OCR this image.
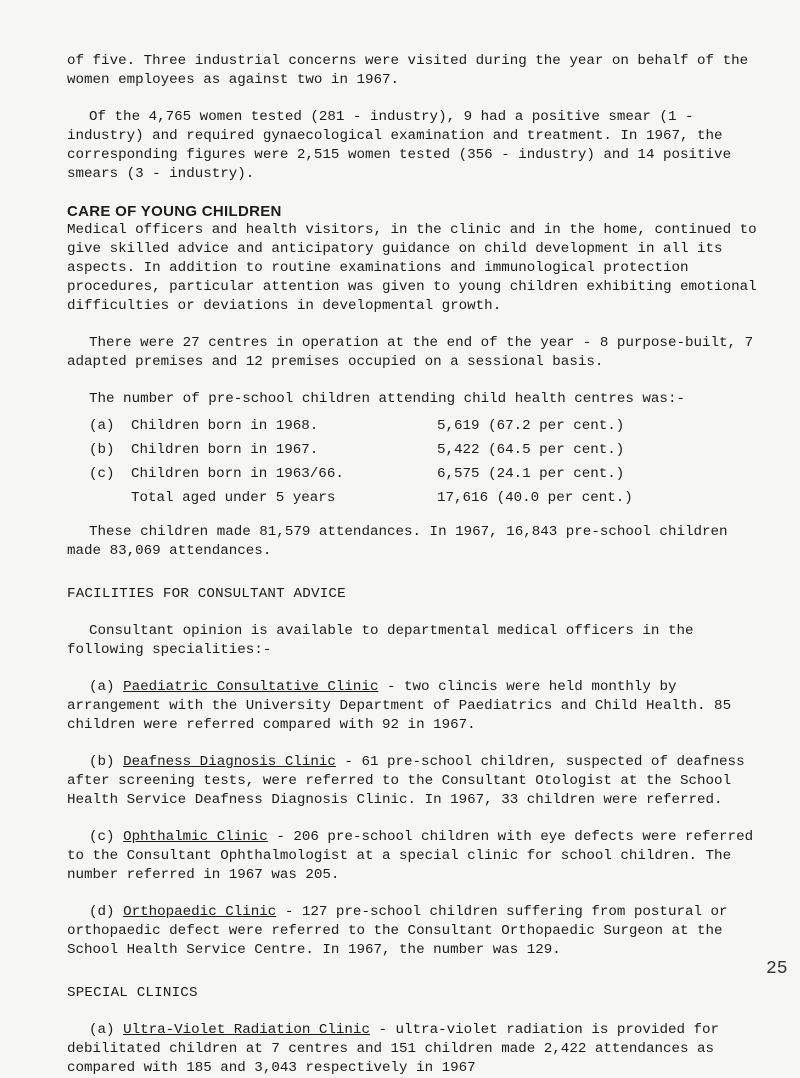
of five. Three industrial concerns were visited during the year on behalf of the women employees as against two in 1967.

Of the 4,765 women tested (281 - industry), 9 had a positive smear (1 - industry) and required gynaecological examination and treatment. In 1967, the corresponding figures were 2,515 women tested (356 - industry) and 14 positive smears (3 - industry).

CARE OF YOUNG CHILDREN

Medical officers and health visitors, in the clinic and in the home, continued to give skilled advice and anticipatory guidance on child development in all its aspects. In addition to routine examinations and immunological protection procedures, particular attention was given to young children exhibiting emotional difficulties or deviations in developmental growth.

There were 27 centres in operation at the end of the year - 8 purpose-built, 7 adapted premises and 12 premises occupied on a sessional basis.

The number of pre-school children attending child health centres was:-

(a)	Children born in 1968.	5,619 (67.2 per cent.)
(b)	Children born in 1967.	5,422 (64.5 per cent.)
(c)	Children born in 1963/66.	6,575 (24.1 per cent.)
Total aged under 5 years		17,616 (40.0 per cent.)

These children made 81,579 attendances. In 1967, 16,843 pre-school children made 83,069 attendances.

FACILITIES FOR CONSULTANT ADVICE

Consultant opinion is available to departmental medical officers in the following specialities:-

(a) Paediatric Consultative Clinic - two clincis were held monthly by arrangement with the University Department of Paediatrics and Child Health. 85 children were referred compared with 92 in 1967.

(b) Deafness Diagnosis Clinic - 61 pre-school children, suspected of deafness after screening tests, were referred to the Consultant Otologist at the School Health Service Deafness Diagnosis Clinic. In 1967, 33 children were referred.

(c) Ophthalmic Clinic - 206 pre-school children with eye defects were referred to the Consultant Ophthalmologist at a special clinic for school children. The number referred in 1967 was 205.

(d) Orthopaedic Clinic - 127 pre-school children suffering from postural or orthopaedic defect were referred to the Consultant Orthopaedic Surgeon at the School Health Service Centre. In 1967, the number was 129.

SPECIAL CLINICS

(a) Ultra-Violet Radiation Clinic - ultra-violet radiation is provided for debilitated children at 7 centres and 151 children made 2,422 attendances as compared with 185 and 3,043 respectively in 1967

25
